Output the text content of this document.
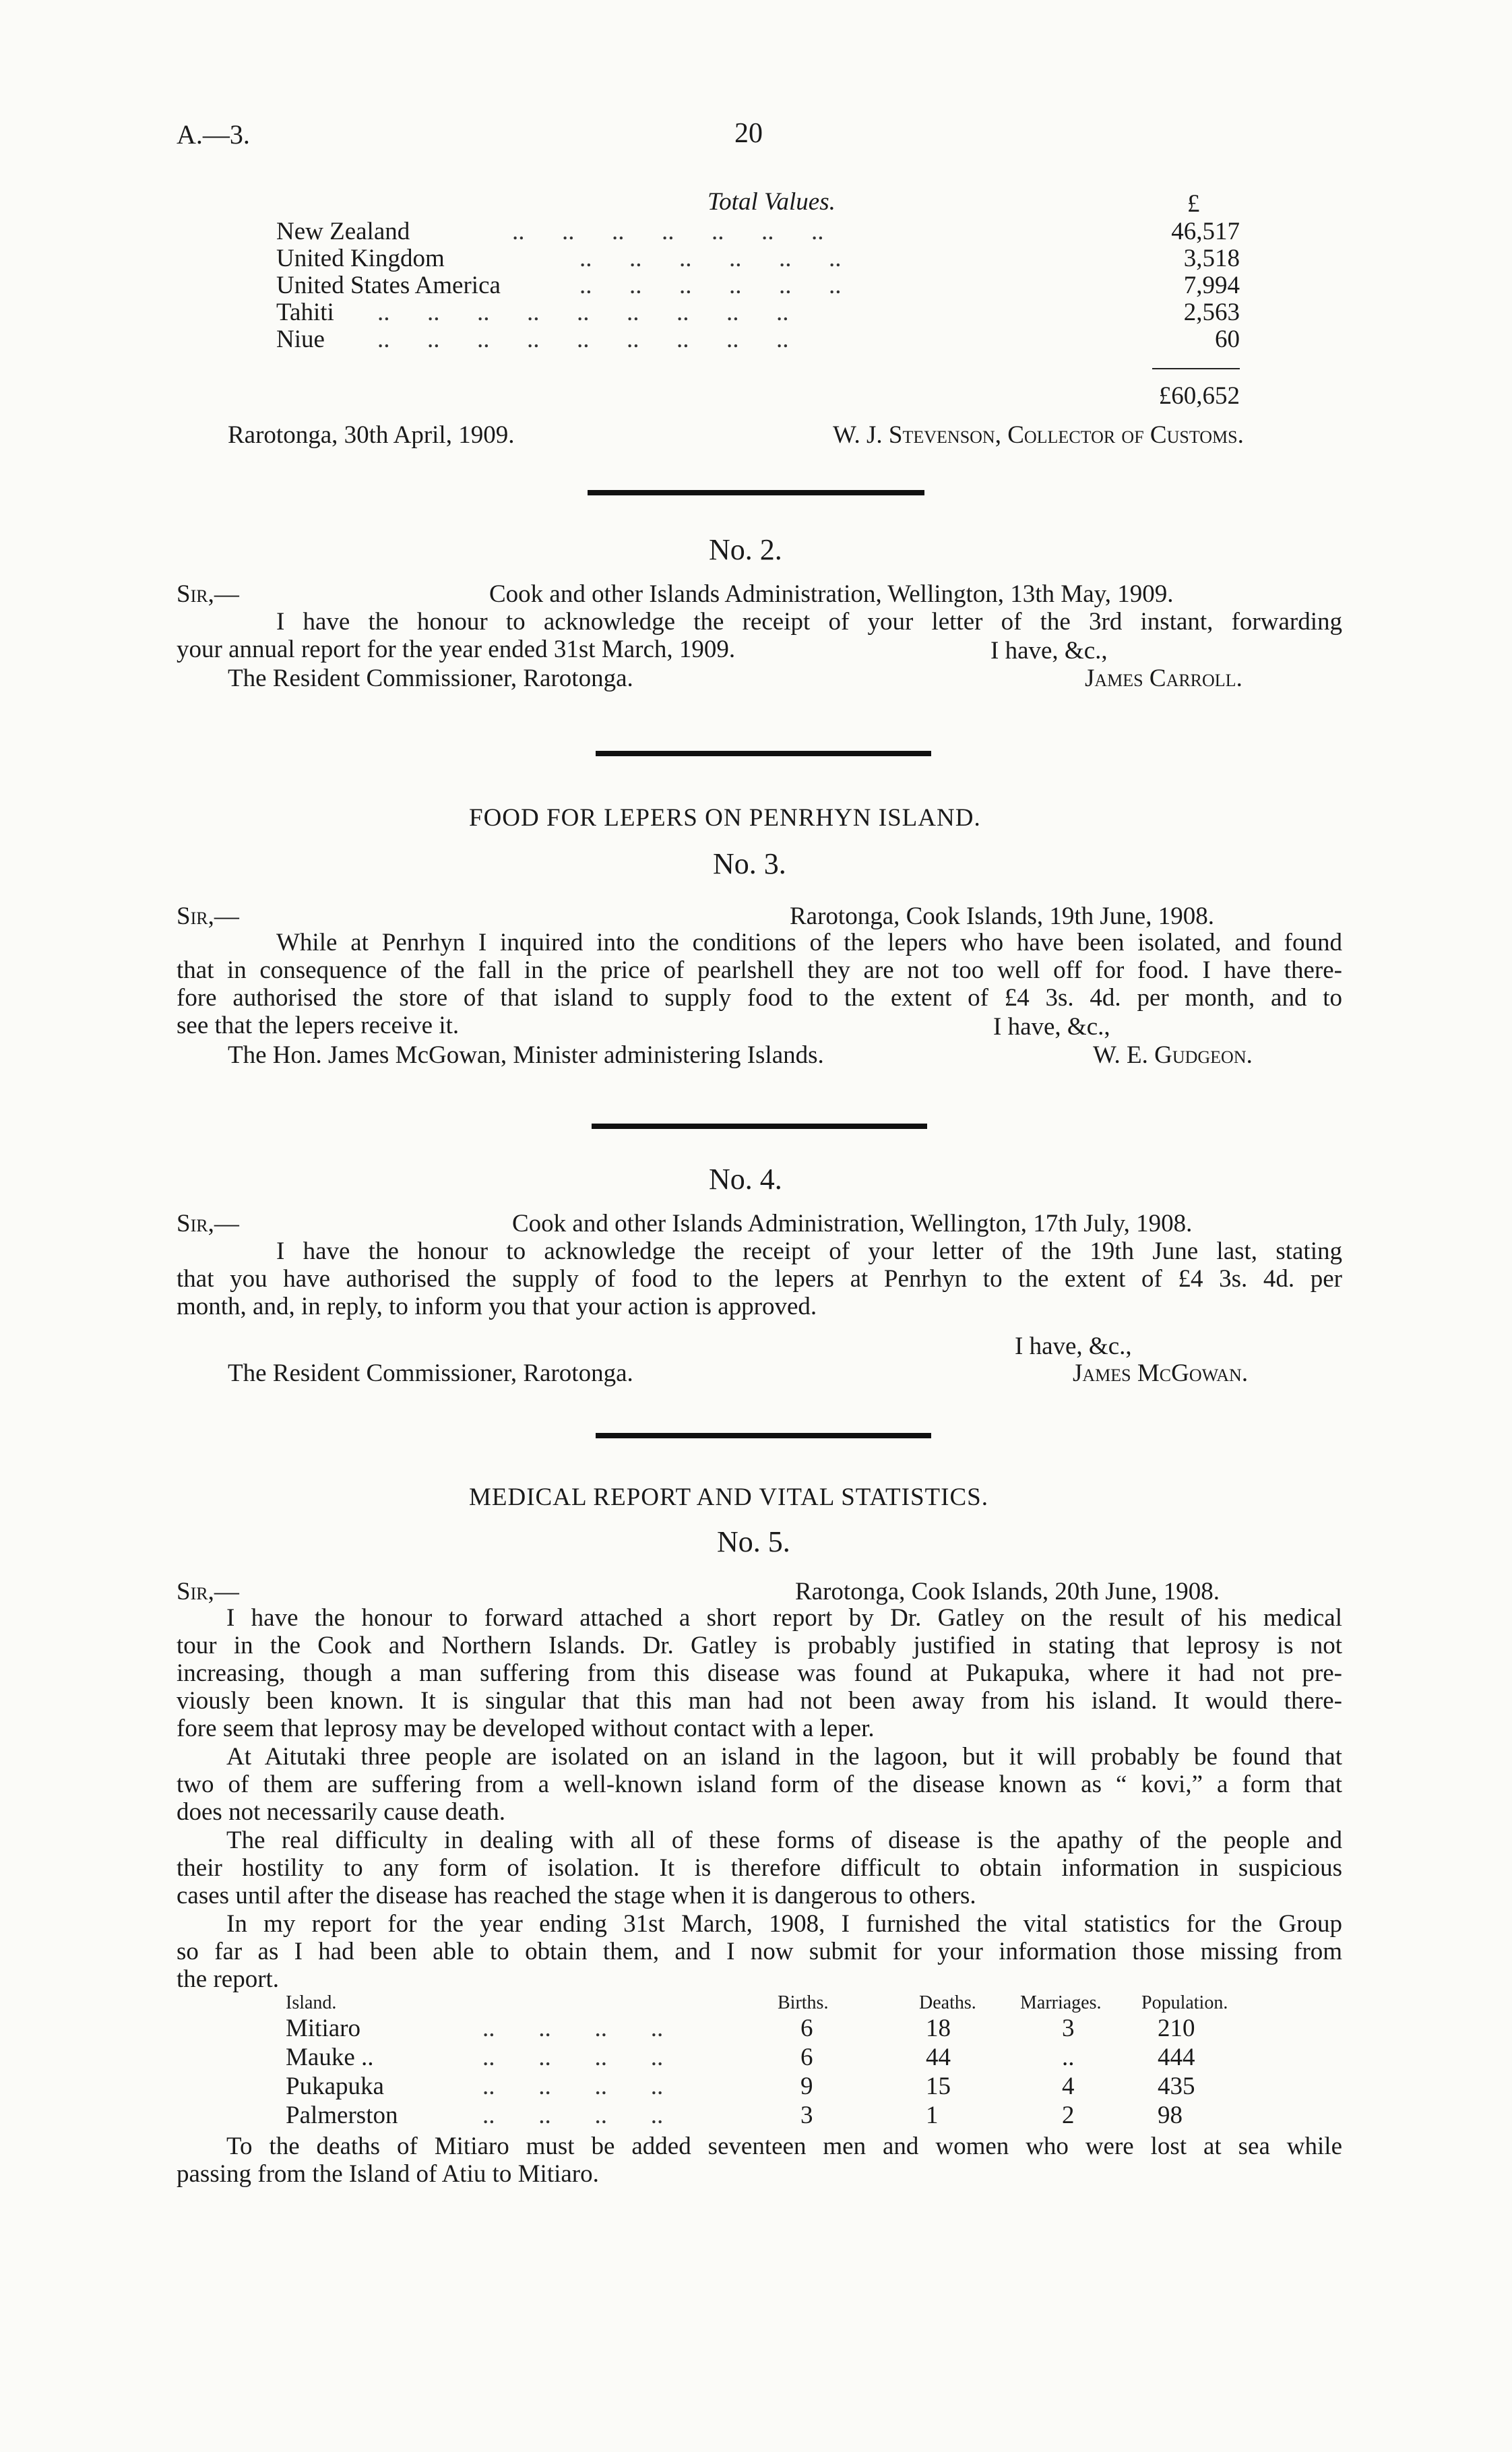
A.—3.	20
Total Values.	£
New Zealand	..      ..      ..      ..      ..      ..      ..	46,517
United Kingdom	..      ..      ..      ..      ..      ..	3,518
United States America	..      ..      ..      ..      ..      ..	7,994
Tahiti ..      ..      ..      ..      ..      ..      ..      ..      ..	2,563
Niue ..      ..      ..      ..      ..      ..      ..      ..      ..	60
£60,652
Rarotonga, 30th April, 1909.	W. J. Stevenson, Collector of Customs.
No. 2.
Sir,—	Cook and other Islands Administration, Wellington, 13th May, 1909.
I have the honour to acknowledge the receipt of your letter of the 3rd instant, forwarding
your annual report for the year ended 31st March, 1909.	I have, &c.,
The Resident Commissioner, Rarotonga.	James Carroll.
FOOD FOR LEPERS ON PENRHYN ISLAND.
No. 3.
Sir,—	Rarotonga, Cook Islands, 19th June, 1908.
While at Penrhyn I inquired into the conditions of the lepers who have been isolated, and found
that in consequence of the fall in the price of pearlshell they are not too well off for food. I have there-
fore authorised the store of that island to supply food to the extent of £4 3s. 4d. per month, and to
see that the lepers receive it.	I have, &c.,
The Hon. James McGowan, Minister administering Islands.	W. E. Gudgeon.
No. 4.
Sir,—	Cook and other Islands Administration, Wellington, 17th July, 1908.
I have the honour to acknowledge the receipt of your letter of the 19th June last, stating
that you have authorised the supply of food to the lepers at Penrhyn to the extent of £4 3s. 4d. per
month, and, in reply, to inform you that your action is approved.
I have, &c.,
The Resident Commissioner, Rarotonga.	James McGowan.
MEDICAL REPORT AND VITAL STATISTICS.
No. 5.
Sir,—	Rarotonga, Cook Islands, 20th June, 1908.
I have the honour to forward attached a short report by Dr. Gatley on the result of his medical
tour in the Cook and Northern Islands. Dr. Gatley is probably justified in stating that leprosy is not
increasing, though a man suffering from this disease was found at Pukapuka, where it had not pre-
viously been known. It is singular that this man had not been away from his island. It would there-
fore seem that leprosy may be developed without contact with a leper.
At Aitutaki three people are isolated on an island in the lagoon, but it will probably be found that
two of them are suffering from a well-known island form of the disease known as “ kovi,” a form that
does not necessarily cause death.
The real difficulty in dealing with all of these forms of disease is the apathy of the people and
their hostility to any form of isolation. It is therefore difficult to obtain information in suspicious
cases until after the disease has reached the stage when it is dangerous to others.
In my report for the year ending 31st March, 1908, I furnished the vital statistics for the Group
so far as I had been able to obtain them, and I now submit for your information those missing from
the report.
Island.	Births.	Deaths.	Marriages.	Population.
Mitiaro ..       ..       ..       ..	6	18	3	210
Mauke .. ..       ..       ..       ..	6	44	..	444
Pukapuka ..       ..       ..       ..	9	15	4	435
Palmerston ..       ..       ..       ..	3	1	2	98
To the deaths of Mitiaro must be added seventeen men and women who were lost at sea while
passing from the Island of Atiu to Mitiaro.
